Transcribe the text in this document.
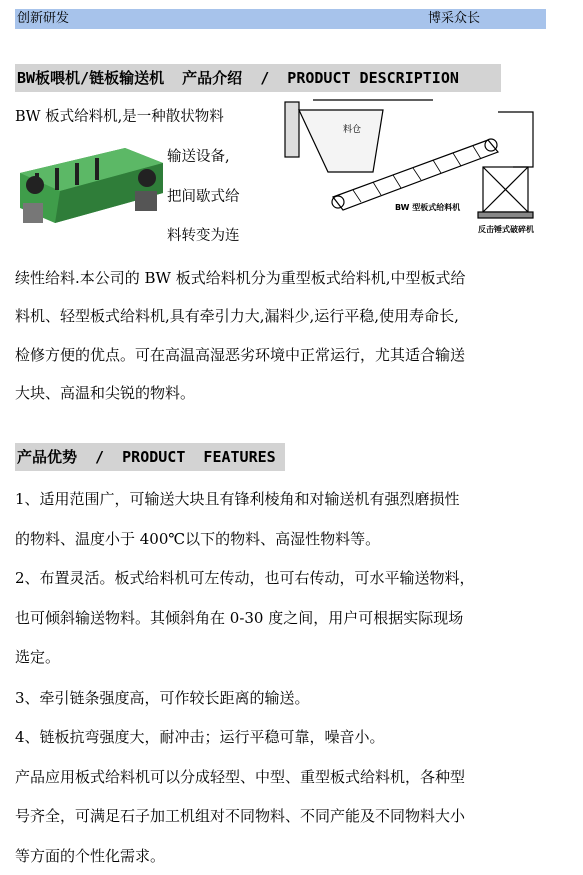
创新研发	博采众长
BW板喂机/链板输送机  产品介绍  /  PRODUCT DESCRIPTION
BW 板式给料机,是一种散状物料
输送设备,
把间歇式给
料转变为连
料仓
BW 型板式给料机
反击锤式破碎机
续性给料.本公司的 BW 板式给料机分为重型板式给料机,中型板式给
料机、轻型板式给料机,具有牵引力大,漏料少,运行平稳,使用寿命长,
检修方便的优点。可在高温高湿恶劣环境中正常运行，尤其适合输送
大块、高温和尖锐的物料。
产品优势  /  PRODUCT  FEATURES
1、适用范围广，可输送大块且有锋利棱角和对输送机有强烈磨损性
的物料、温度小于 400℃以下的物料、高湿性物料等。
2、布置灵活。板式给料机可左传动，也可右传动，可水平输送物料，
也可倾斜输送物料。其倾斜角在 0-30 度之间，用户可根据实际现场
选定。
3、牵引链条强度高，可作较长距离的输送。
4、链板抗弯强度大，耐冲击；运行平稳可靠，噪音小。
产品应用板式给料机可以分成轻型、中型、重型板式给料机，各种型
号齐全，可满足石子加工机组对不同物料、不同产能及不同物料大小
等方面的个性化需求。
